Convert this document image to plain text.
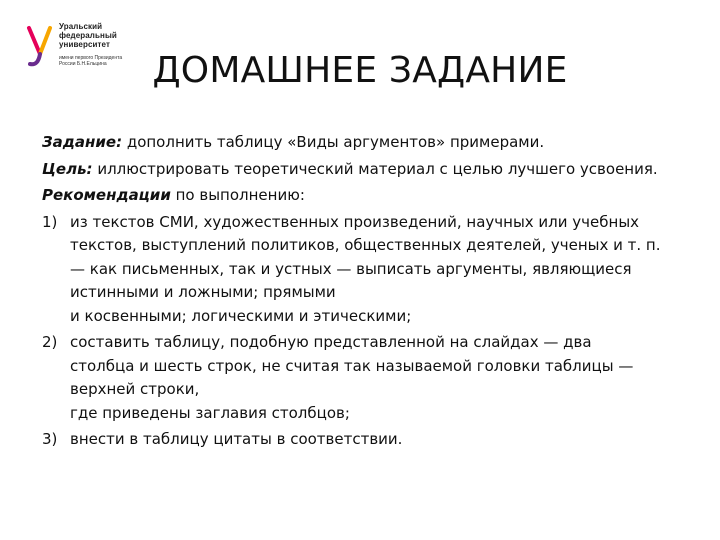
Уральский
федеральный
университет
имени первого Президента
России Б.Н.Ельцина	ДОМАШНЕЕ ЗАДАНИЕ

Задание: дополнить таблицу «Виды аргументов» примерами.

Цель: иллюстрировать теоретический материал с целью лучшего усвоения.

Рекомендации по выполнению:

1) из текстов СМИ, художественных произведений, научных или учебных
текстов, выступлений политиков, общественных деятелей, ученых и т. п.
— как письменных, так и устных — выписать аргументы, являющиеся
истинными и ложными; прямыми
и косвенными; логическими и этическими;
2) составить таблицу, подобную представленной на слайдах — два
столбца и шесть строк, не считая так называемой головки таблицы —
верхней строки,
где приведены заглавия столбцов;
3) внести в таблицу цитаты в соответствии.
